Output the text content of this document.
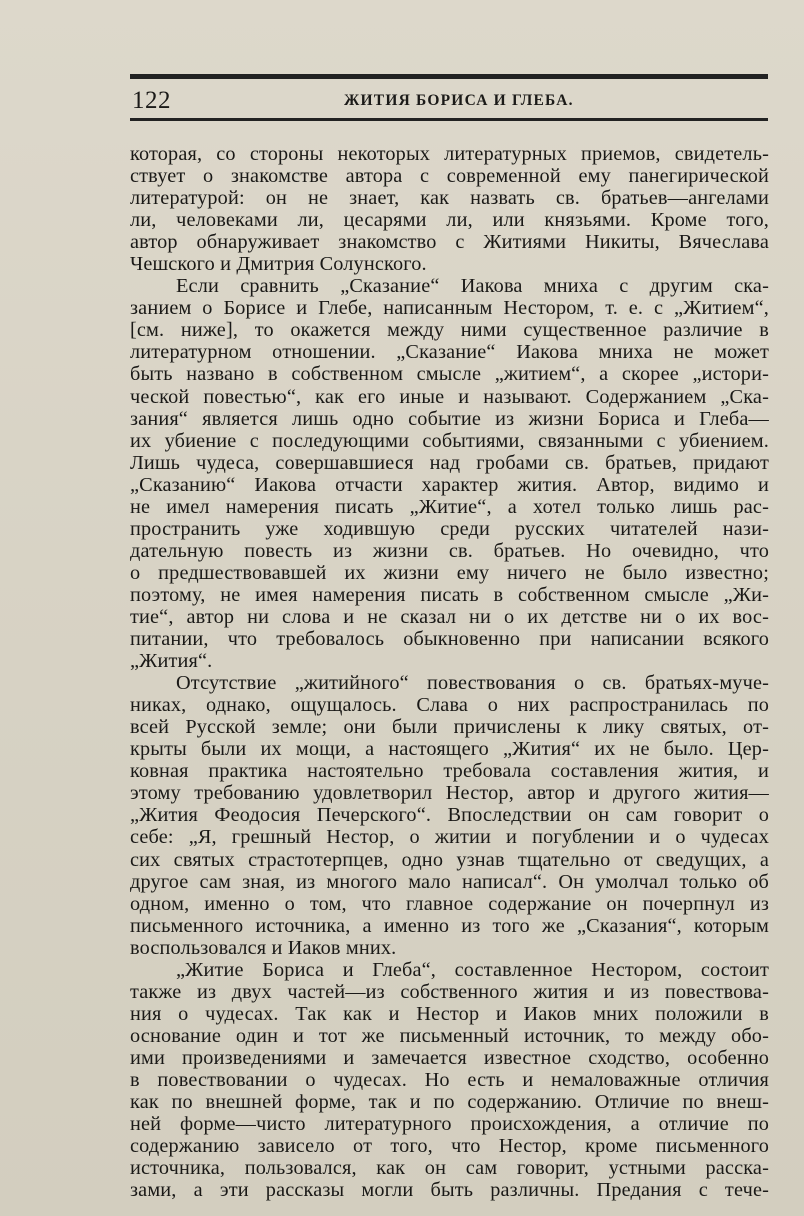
122	ЖИТИЯ БОРИСА И ГЛЕБА.
которая, со стороны некоторых литературных приемов, свидетель-
ствует о знакомстве автора с современной ему панегирической
литературой: он не знает, как назвать св. братьев—ангелами
ли, человеками ли, цесарями ли, или князьями. Кроме того,
автор обнаруживает знакомство с Житиями Никиты, Вячеслава
Чешского и Дмитрия Солунского.
Если сравнить „Сказание“ Иакова мниха с другим ска-
занием о Борисе и Глебе, написанным Нестором, т. е. с „Житием“,
[см. ниже], то окажется между ними существенное различие в
литературном отношении. „Сказание“ Иакова мниха не может
быть названо в собственном смысле „житием“, а скорее „истори-
ческой повестью“, как его иные и называют. Содержанием „Ска-
зания“ является лишь одно событие из жизни Бориса и Глеба—
их убиение с последующими событиями, связанными с убиением.
Лишь чудеса, совершавшиеся над гробами св. братьев, придают
„Сказанию“ Иакова отчасти характер жития. Автор, видимо и
не имел намерения писать „Житие“, а хотел только лишь рас-
пространить уже ходившую среди русских читателей нази-
дательную повесть из жизни св. братьев. Но очевидно, что
о предшествовавшей их жизни ему ничего не было известно;
поэтому, не имея намерения писать в собственном смысле „Жи-
тие“, автор ни слова и не сказал ни о их детстве ни о их вос-
питании, что требовалось обыкновенно при написании всякого
„Жития“.
Отсутствие „житийного“ повествования о св. братьях-муче-
никах, однако, ощущалось. Слава о них распространилась по
всей Русской земле; они были причислены к лику святых, от-
крыты были их мощи, а настоящего „Жития“ их не было. Цер-
ковная практика настоятельно требовала составления жития, и
этому требованию удовлетворил Нестор, автор и другого жития—
„Жития Феодосия Печерского“. Впоследствии он сам говорит о
себе: „Я, грешный Нестор, о житии и погублении и о чудесах
сих святых страстотерпцев, одно узнав тщательно от сведущих, а
другое сам зная, из многого мало написал“. Он умолчал только об
одном, именно о том, что главное содержание он почерпнул из
письменного источника, а именно из того же „Сказания“, которым
воспользовался и Иаков мних.
„Житие Бориса и Глеба“, составленное Нестором, состоит
также из двух частей—из собственного жития и из повествова-
ния о чудесах. Так как и Нестор и Иаков мних положили в
основание один и тот же письменный источник, то между обо-
ими произведениями и замечается известное сходство, особенно
в повествовании о чудесах. Но есть и немаловажные отличия
как по внешней форме, так и по содержанию. Отличие по внеш-
ней форме—чисто литературного происхождения, а отличие по
содержанию зависело от того, что Нестор, кроме письменного
источника, пользовался, как он сам говорит, устными расска-
зами, а эти рассказы могли быть различны. Предания с тече-
